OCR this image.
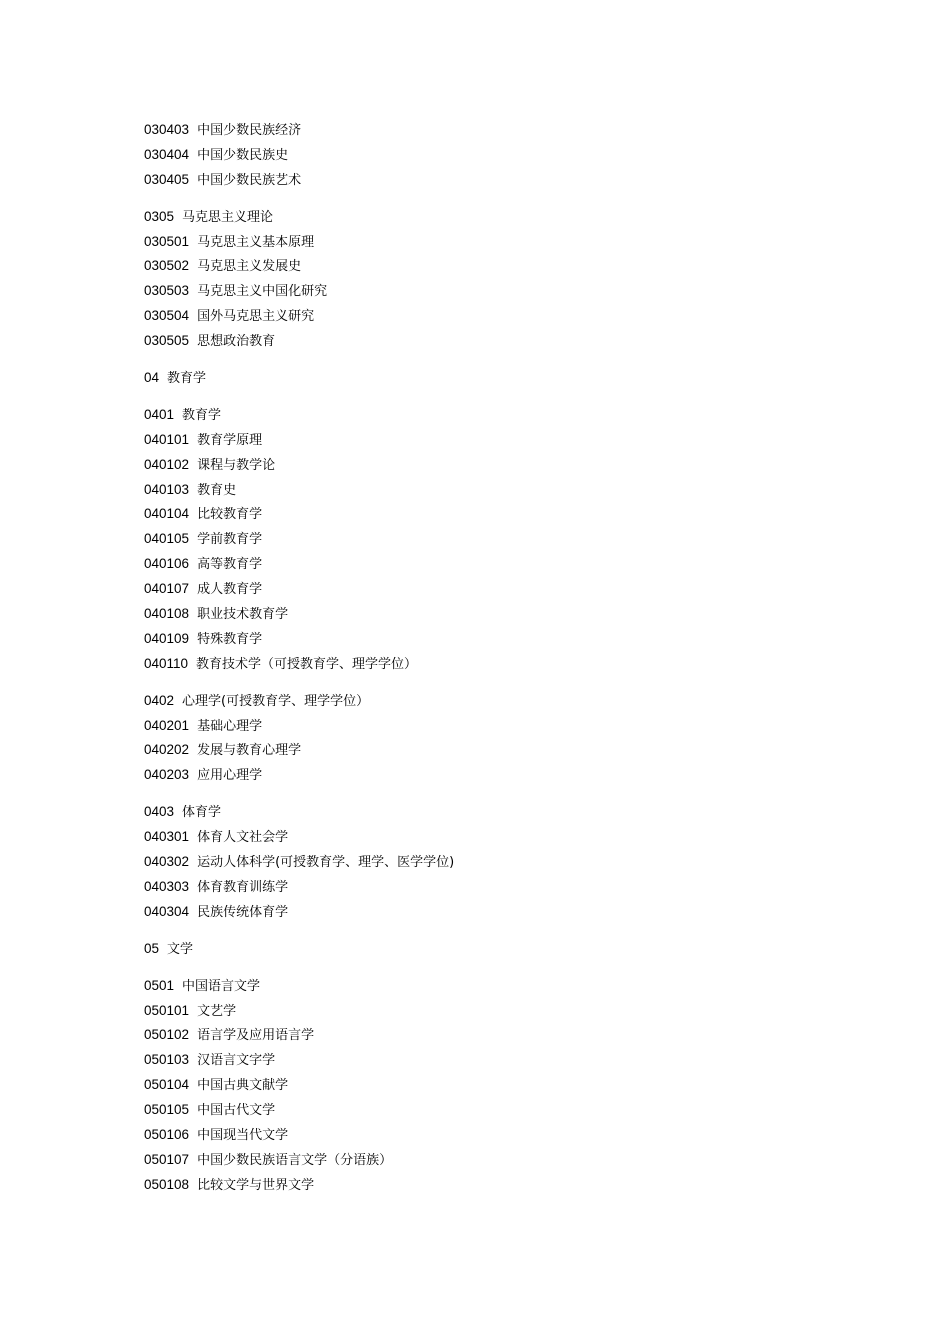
030403 中国少数民族经济
030404 中国少数民族史
030405 中国少数民族艺术
0305 马克思主义理论
030501 马克思主义基本原理
030502 马克思主义发展史
030503 马克思主义中国化研究
030504 国外马克思主义研究
030505 思想政治教育
04 教育学
0401 教育学
040101 教育学原理
040102 课程与教学论
040103 教育史
040104 比较教育学
040105 学前教育学
040106 高等教育学
040107 成人教育学
040108 职业技术教育学
040109 特殊教育学
040110 教育技术学（可授教育学、理学学位）
0402 心理学(可授教育学、理学学位）
040201 基础心理学
040202 发展与教育心理学
040203 应用心理学
0403 体育学
040301 体育人文社会学
040302 运动人体科学(可授教育学、理学、医学学位)
040303 体育教育训练学
040304 民族传统体育学
05 文学
0501 中国语言文学
050101 文艺学
050102 语言学及应用语言学
050103 汉语言文字学
050104 中国古典文献学
050105 中国古代文学
050106 中国现当代文学
050107 中国少数民族语言文学（分语族）
050108 比较文学与世界文学
